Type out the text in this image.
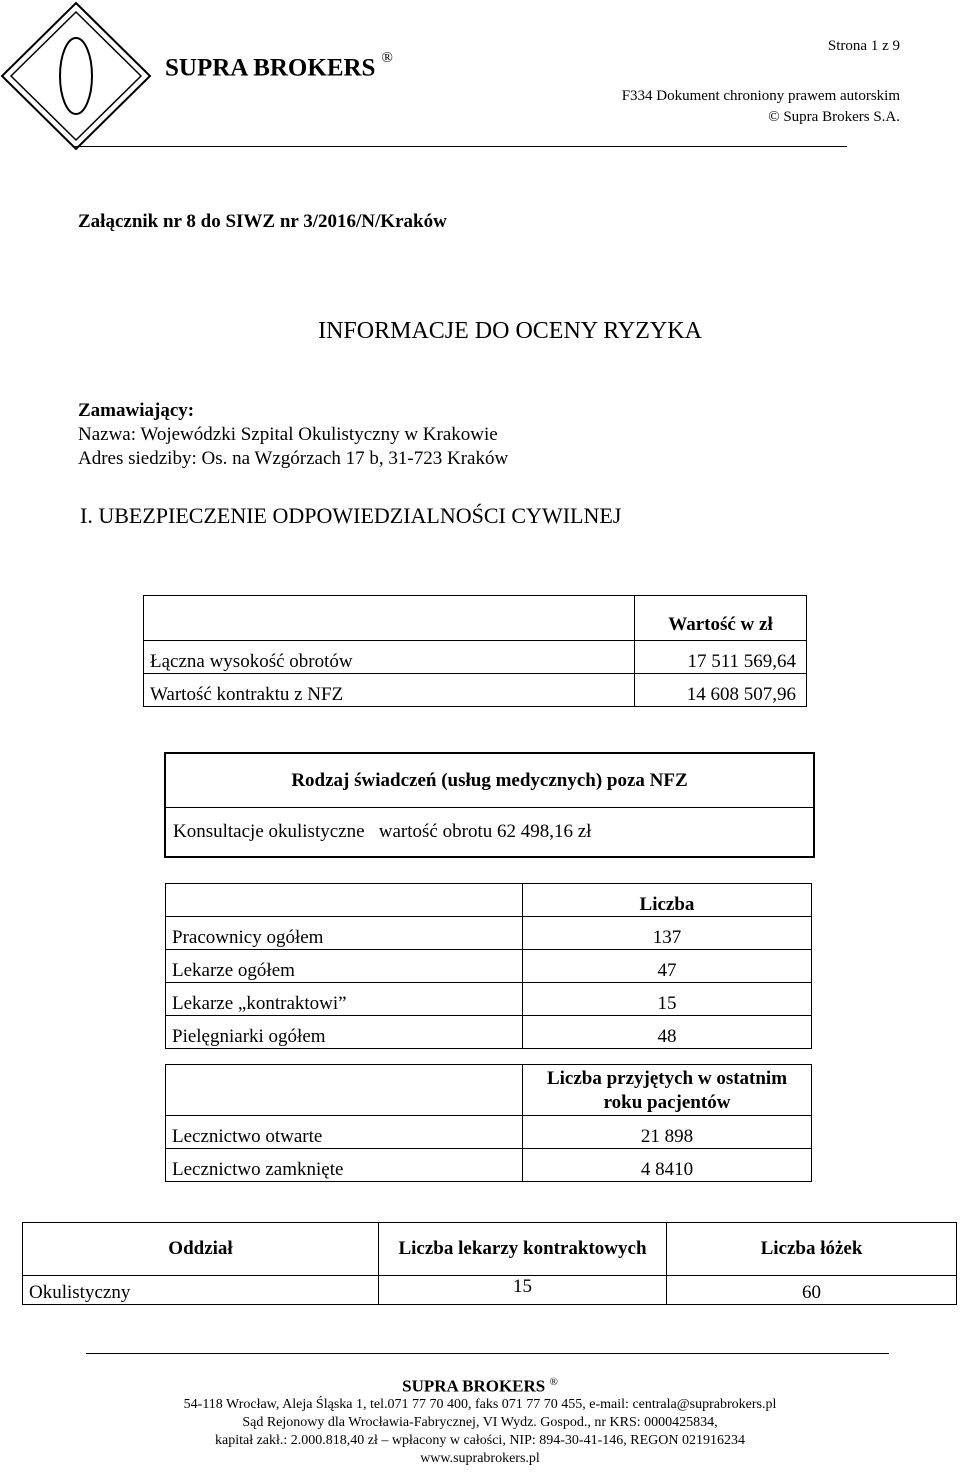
SUPRA BROKERS ®
Strona 1 z 9
F334 Dokument chroniony prawem autorskim
© Supra Brokers S.A.
Załącznik nr 8 do SIWZ nr 3/2016/N/Kraków
INFORMACJE DO OCENY RYZYKA
Zamawiający:
Nazwa: Wojewódzki Szpital Okulistyczny w Krakowie
Adres siedziby: Os. na Wzgórzach 17 b, 31-723 Kraków
I. UBEZPIECZENIE ODPOWIEDZIALNOŚCI CYWILNEJ
	Wartość w zł
Łączna wysokość obrotów	17 511 569,64
Wartość kontraktu z NFZ	14 608 507,96
Rodzaj świadczeń (usług medycznych) poza NFZ
Konsultacje okulistyczne   wartość obrotu 62 498,16 zł
	Liczba
Pracownicy ogółem	137
Lekarze ogółem	47
Lekarze „kontraktowi”	15
Pielęgniarki ogółem	48
	Liczba przyjętych w ostatnim roku pacjentów
Lecznictwo otwarte	21 898
Lecznictwo zamknięte	4 8410
Oddział	Liczba lekarzy kontraktowych	Liczba łóżek
Okulistyczny	15	60
SUPRA BROKERS ®
54-118 Wrocław, Aleja Śląska 1, tel.071 77 70 400, faks 071 77 70 455, e-mail: centrala@suprabrokers.pl
Sąd Rejonowy dla Wrocławia-Fabrycznej, VI Wydz. Gospod., nr KRS: 0000425834,
kapitał zakł.: 2.000.818,40 zł – wpłacony w całości, NIP: 894-30-41-146, REGON 021916234
www.suprabrokers.pl
